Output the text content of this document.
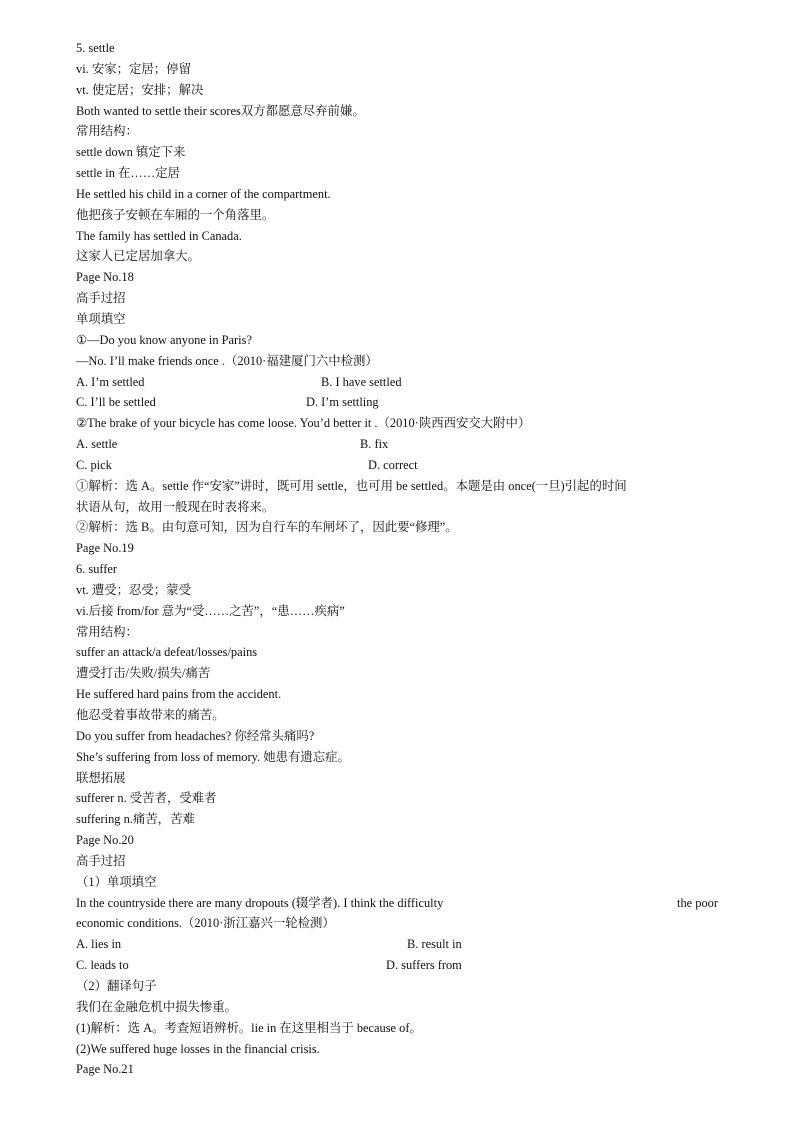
5. settle
vi. 安家；定居；停留
vt. 使定居；安排；解决
Both wanted to settle their scores双方都愿意尽弃前嫌。
常用结构：
settle down 镇定下来
settle in 在……定居
He settled his child in a corner of the compartment.
他把孩子安顿在车厢的一个角落里。
The family has settled in Canada.
这家人已定居加拿大。
Page No.18
高手过招
单项填空
①—Do you know anyone in Paris?
—No. I’ll make friends once .（2010·福建厦门六中检测）
A. I’m settled	B. I have settled
C. I’ll be settled	D. I’m settling
②The brake of your bicycle has come loose. You’d better it .（2010·陕西西安交大附中）
A. settle	B. fix
C. pick	D. correct
①解析：选 A。settle 作“安家”讲时，既可用 settle，也可用 be settled。本题是由 once(一旦)引起的时间
状语从句，故用一般现在时表将来。
②解析：选 B。由句意可知，因为自行车的车闸坏了，因此要“修理”。
Page No.19
6. suffer
vt. 遭受；忍受；蒙受
vi.后接 from/for 意为“受……之苦”，“患……疾病”
常用结构：
suffer an attack/a defeat/losses/pains
遭受打击/失败/损失/痛苦
He suffered hard pains from the accident.
他忍受着事故带来的痛苦。
Do you suffer from headaches? 你经常头痛吗?
She’s suffering from loss of memory. 她患有遗忘症。
联想拓展
sufferer n. 受苦者，受难者
suffering n.痛苦，苦难
Page No.20
高手过招
（1）单项填空
In the countryside there are many dropouts (辍学者). I think the difficulty	the poor
economic conditions.（2010·浙江嘉兴一轮检测）
A. lies in	B. result in
C. leads to	D. suffers from
（2）翻译句子
我们在金融危机中损失惨重。
(1)解析：选 A。考查短语辨析。lie in 在这里相当于 because of。
(2)We suffered huge losses in the financial crisis.
Page No.21
